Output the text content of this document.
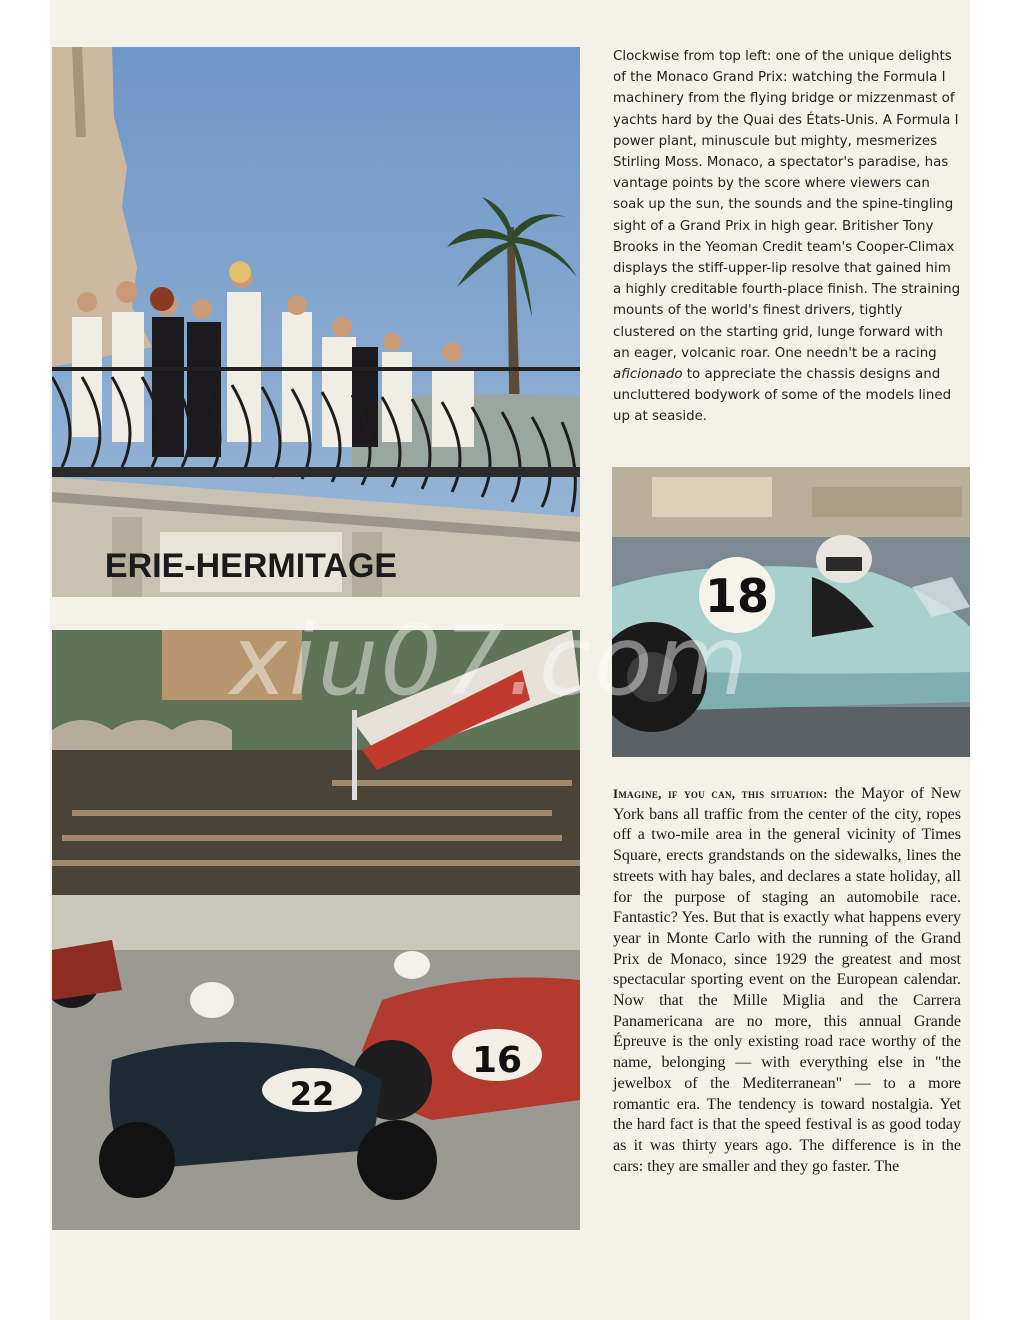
ERIE-HERMITAGE
18
16
22
Clockwise from top left: one of the unique delights of the Monaco Grand Prix: watching the Formula I machinery from the flying bridge or mizzenmast of yachts hard by the Quai des États-Unis. A Formula I power plant, minuscule but mighty, mesmerizes Stirling Moss. Monaco, a spectator's paradise, has vantage points by the score where viewers can soak up the sun, the sounds and the spine-tingling sight of a Grand Prix in high gear. Britisher Tony Brooks in the Yeoman Credit team's Cooper-Climax displays the stiff-upper-lip resolve that gained him a highly creditable fourth-place finish. The straining mounts of the world's finest drivers, tightly clustered on the starting grid, lunge forward with an eager, volcanic roar. One needn't be a racing aficionado to appreciate the chassis designs and uncluttered bodywork of some of the models lined up at seaside.
Imagine, if you can, this situation: the Mayor of New York bans all traffic from the center of the city, ropes off a two-mile area in the general vicinity of Times Square, erects grandstands on the sidewalks, lines the streets with hay bales, and declares a state holiday, all for the purpose of staging an automobile race. Fantastic? Yes. But that is exactly what happens every year in Monte Carlo with the running of the Grand Prix de Monaco, since 1929 the greatest and most spectacular sporting event on the European calendar. Now that the Mille Miglia and the Carrera Panamericana are no more, this annual Grande Épreuve is the only existing road race worthy of the name, belonging — with everything else in "the jewelbox of the Mediterranean" — to a more romantic era. The tendency is toward nostalgia. Yet the hard fact is that the speed festival is as good today as it was thirty years ago. The difference is in the cars: they are smaller and they go faster. The
xiu07.com
